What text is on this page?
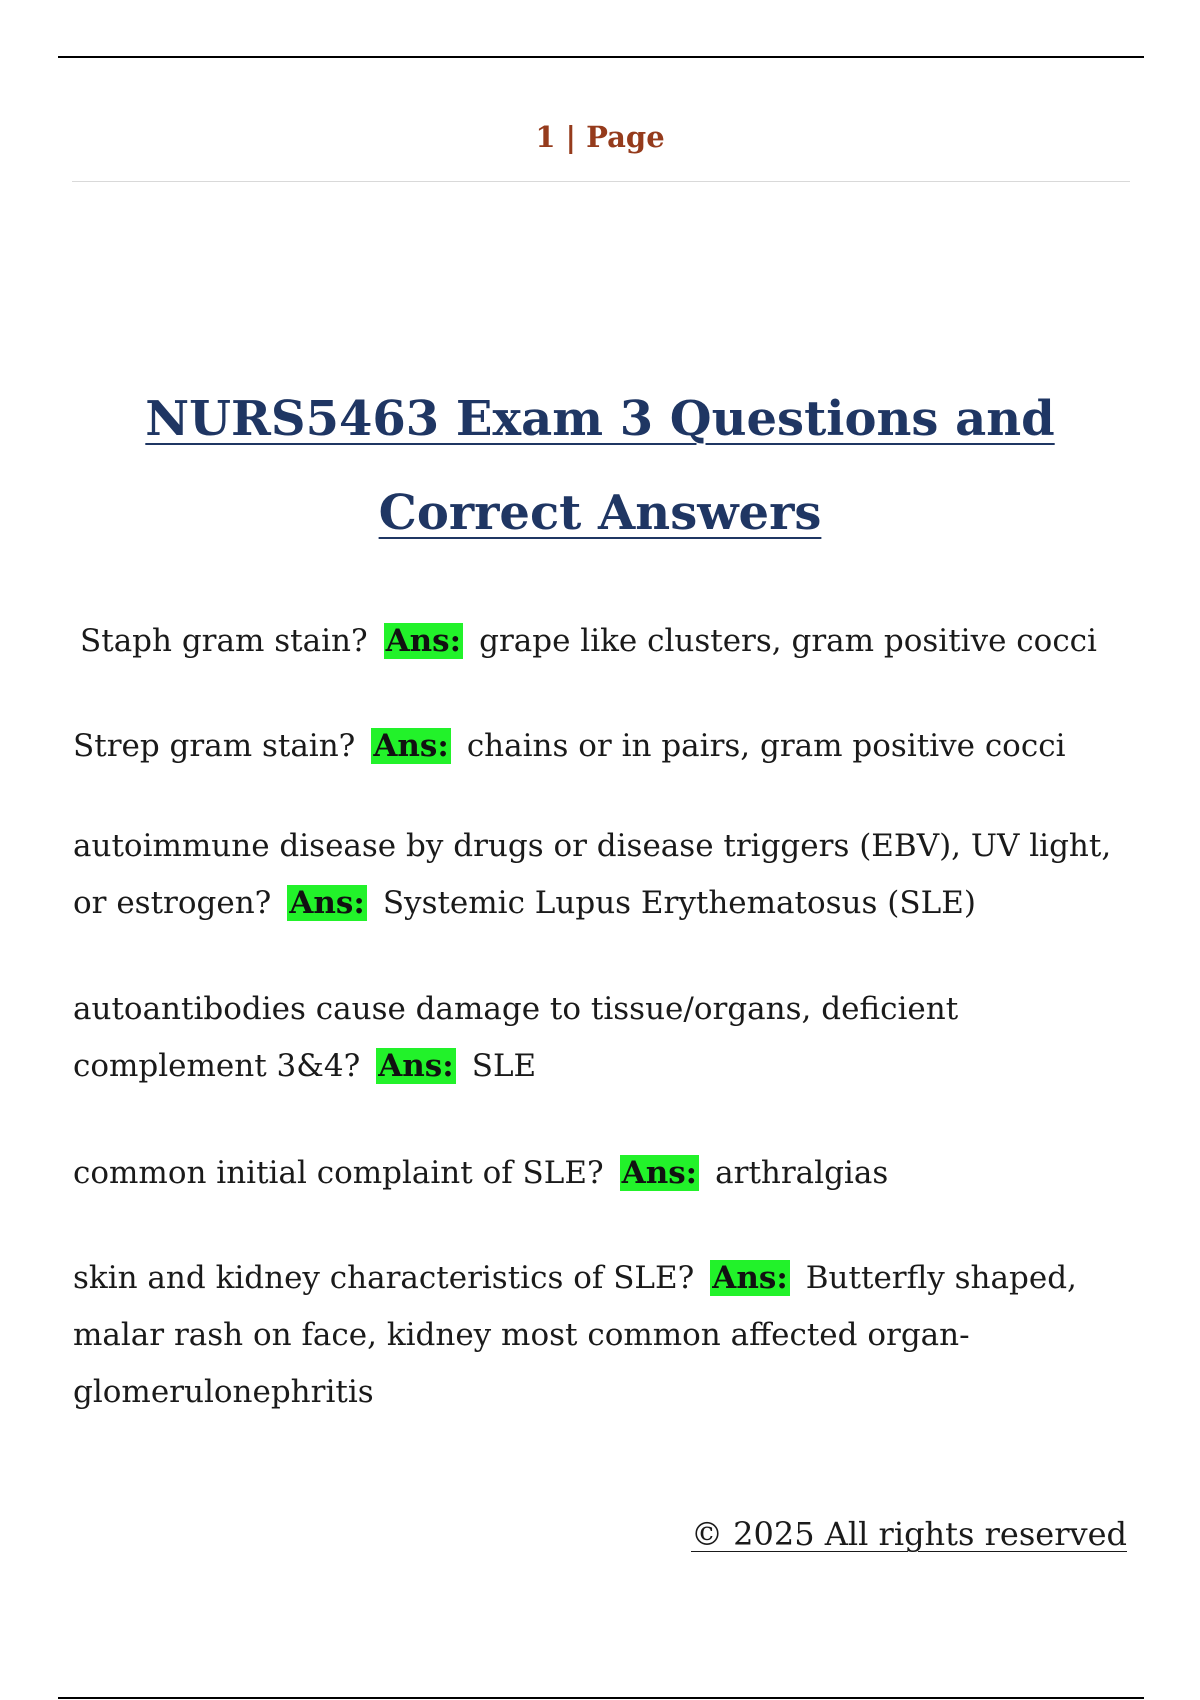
1 | Page
NURS5463 Exam 3 Questions and Correct Answers

Staph gram stain? Ans: grape like clusters, gram positive cocci

Strep gram stain? Ans: chains or in pairs, gram positive cocci

autoimmune disease by drugs or disease triggers (EBV), UV light, or estrogen? Ans: Systemic Lupus Erythematosus (SLE)

autoantibodies cause damage to tissue/organs, deficient complement 3&4? Ans: SLE

common initial complaint of SLE? Ans: arthralgias

skin and kidney characteristics of SLE? Ans: Butterfly shaped, malar rash on face, kidney most common affected organ- glomerulonephritis

© 2025 All rights reserved
